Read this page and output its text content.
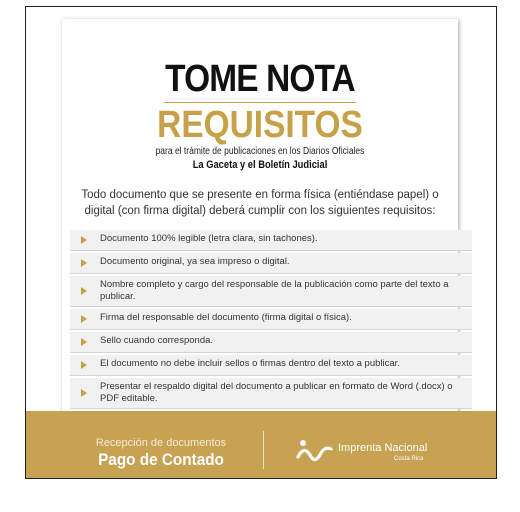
TOME NOTA
REQUISITOS
para el trámite de publicaciones en los Diarios Oficiales
La Gaceta y el Boletín Judicial
Todo documento que se presente en forma física (entiéndase papel) o digital (con firma digital) deberá cumplir con los siguientes requisitos:
Documento 100% legible (letra clara, sin tachones).
Documento original, ya sea impreso o digital.
Nombre completo y cargo del responsable de la publicación como parte del texto a publicar.
Firma del responsable del documento (firma digital o física).
Sello cuando corresponda.
El documento no debe incluir sellos o firmas dentro del texto a publicar.
Presentar el respaldo digital del documento a publicar en formato de Word (.docx) o PDF editable.
Recepción de documentos
Pago de Contado
Imprenta Nacional
Costa Rica
